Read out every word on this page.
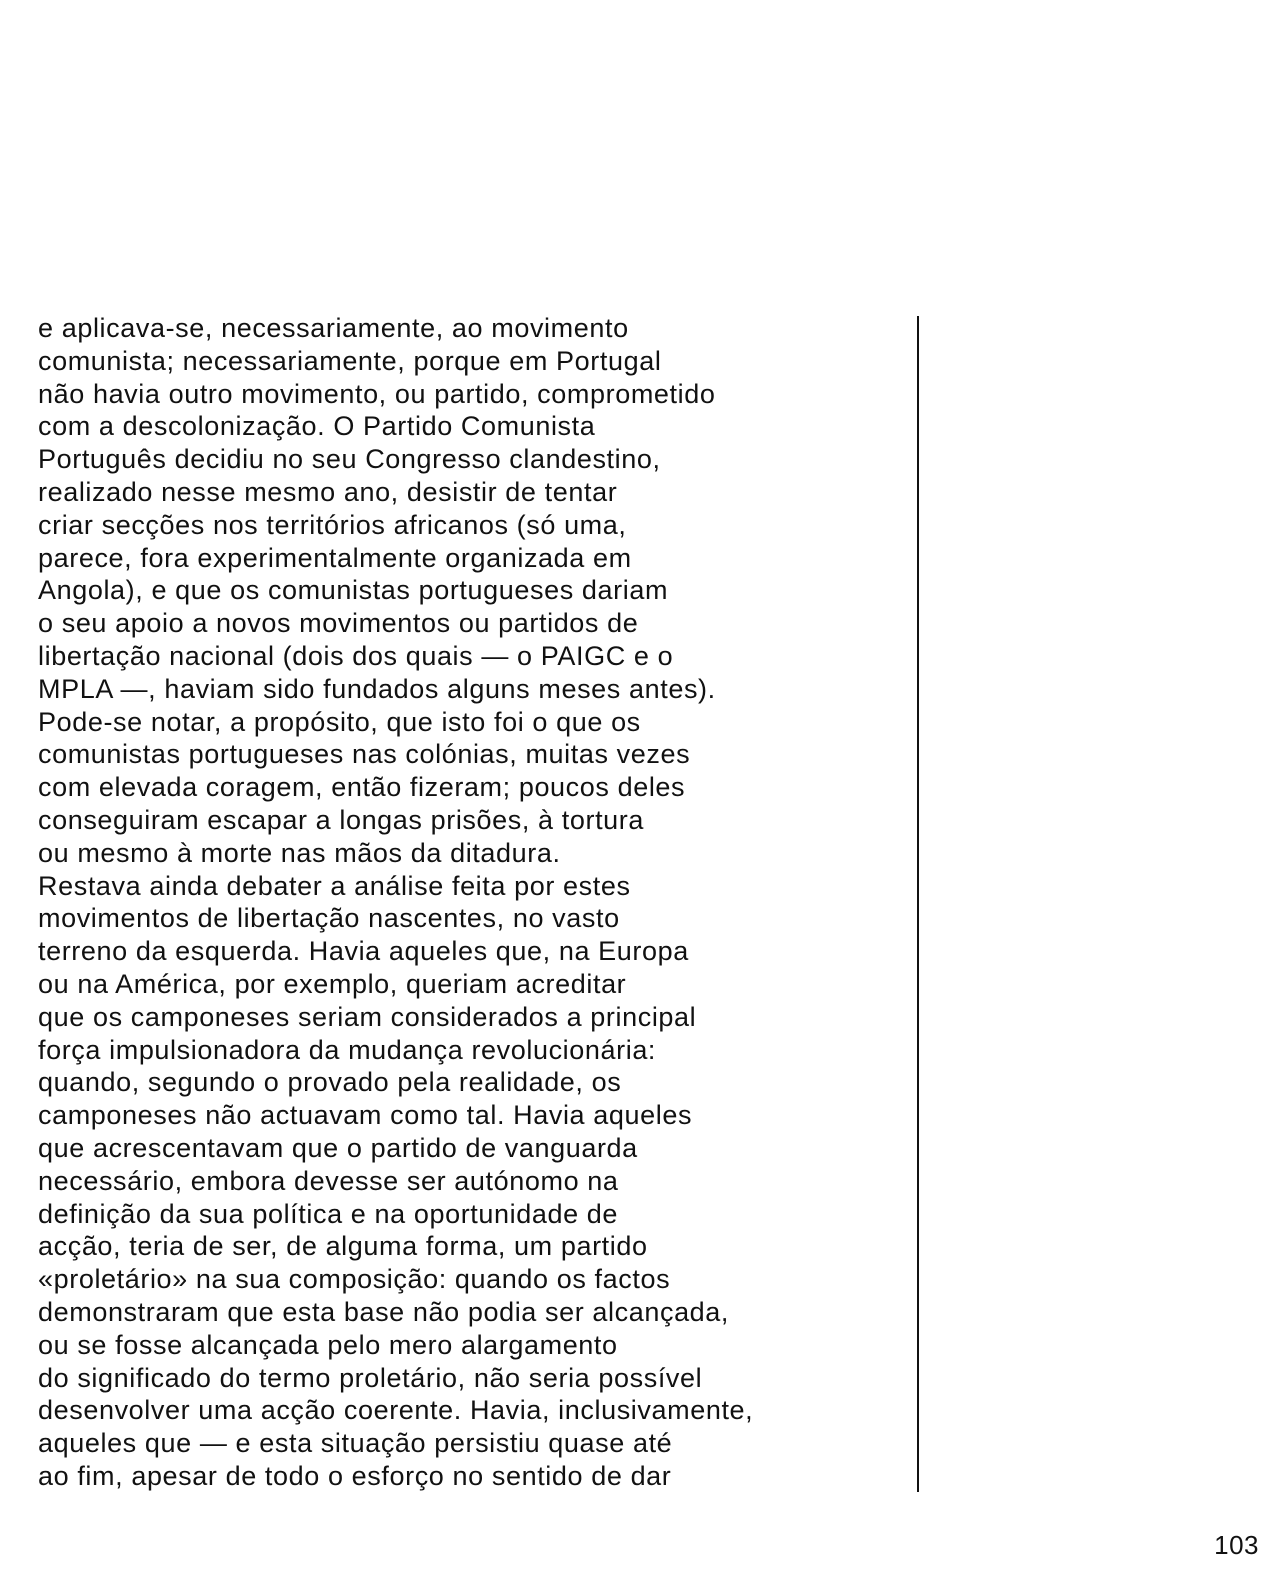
e aplicava-se, necessariamente, ao movimento
comunista; necessariamente, porque em Portugal
não havia outro movimento, ou partido, comprometido
com a descolonização. O Partido Comunista
Português decidiu no seu Congresso clandestino,
realizado nesse mesmo ano, desistir de tentar
criar secções nos territórios africanos (só uma,
parece, fora experimentalmente organizada em
Angola), e que os comunistas portugueses dariam
o seu apoio a novos movimentos ou partidos de
libertação nacional (dois dos quais — o PAIGC e o
MPLA —, haviam sido fundados alguns meses antes).
Pode-se notar, a propósito, que isto foi o que os
comunistas portugueses nas colónias, muitas vezes
com elevada coragem, então fizeram; poucos deles
conseguiram escapar a longas prisões, à tortura
ou mesmo à morte nas mãos da ditadura.
Restava ainda debater a análise feita por estes
movimentos de libertação nascentes, no vasto
terreno da esquerda. Havia aqueles que, na Europa
ou na América, por exemplo, queriam acreditar
que os camponeses seriam considerados a principal
força impulsionadora da mudança revolucionária:
quando, segundo o provado pela realidade, os
camponeses não actuavam como tal. Havia aqueles
que acrescentavam que o partido de vanguarda
necessário, embora devesse ser autónomo na
definição da sua política e na oportunidade de
acção, teria de ser, de alguma forma, um partido
«proletário» na sua composição: quando os factos
demonstraram que esta base não podia ser alcançada,
ou se fosse alcançada pelo mero alargamento
do significado do termo proletário, não seria possível
desenvolver uma acção coerente. Havia, inclusivamente,
aqueles que — e esta situação persistiu quase até
ao fim, apesar de todo o esforço no sentido de dar
103
